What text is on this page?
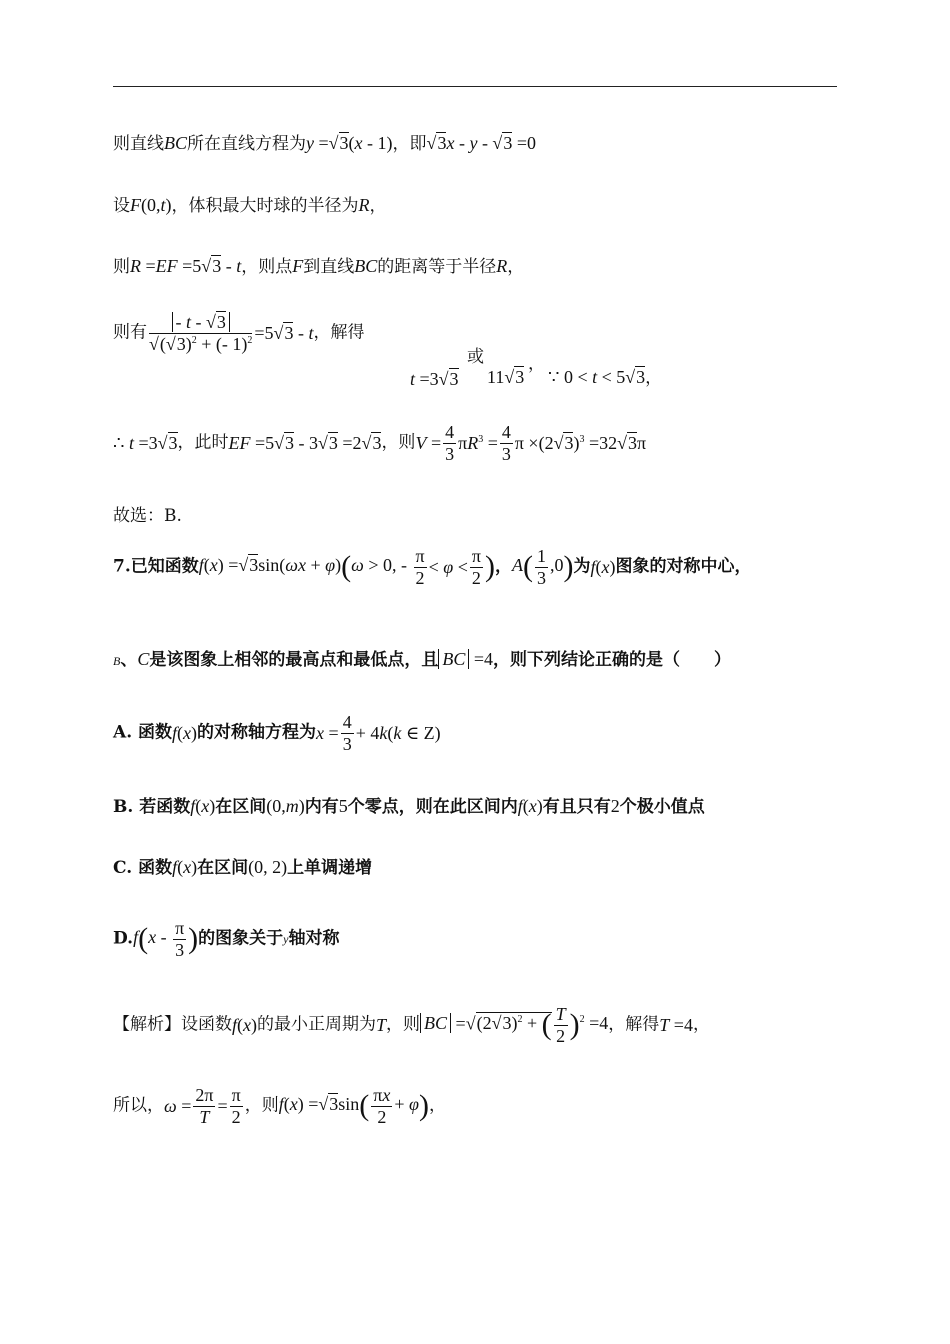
则直线BC所在直线方程为y =√3(x - 1)，即√3x - y - √3 =0
设F(0,t)，体积最大时球的半径为R，
则R =EF =5√3 - t，则点F到直线BC的距离等于半径R，
则有 $\frac{- t - √3}{√(√3)^2 + (- 1)^2} =5√3 - t$，解得
t =3√3
或
11√3
，
∵ 0 < t < 5√3，
∴ t =3√3，此时EF =5√3 - 3√3 =2√3，则$V = \frac{4}{3} \pi R^3 = \frac{4}{3}$ $\pi \times(2√3)^3 =32√3\pi$
故选：B.
7.已知函数f(x) =√3sin(ωx + φ)(ω > 0, - $\frac{\pi}{2} < \varphi < \frac{\pi}{2}$ )，$A( \frac{1}{3} ,0)$为f(x)图象的对称中心，
B、C是该图象上相邻的最高点和最低点，且 BC =4，则下列结论正确的是（　　）
A. 函数f(x)的对称轴方程为$x = \frac{4}{3} + 4k(k$ ∈ Z)
B. 若函数f(x)在区间(0,m)内有5个零点，则在此区间内f(x)有且只有2个极小值点
C. 函数f(x)在区间(0, 2)上单调递增
$D.f(x - \frac{\pi}{3}$ )的图象关于y轴对称
【解析】设函数f(x)的最小正周期为T，则 BC $=√(2√3)^2$ + ( $\frac{T}{2} )^2 =4$，解得T =4，
所以，$\omega = \frac{2\pi}{T} = \frac{\pi}{2}$ ，则$f(x) =√3\sin( \frac{\pi x}{2} + \varphi)$，
